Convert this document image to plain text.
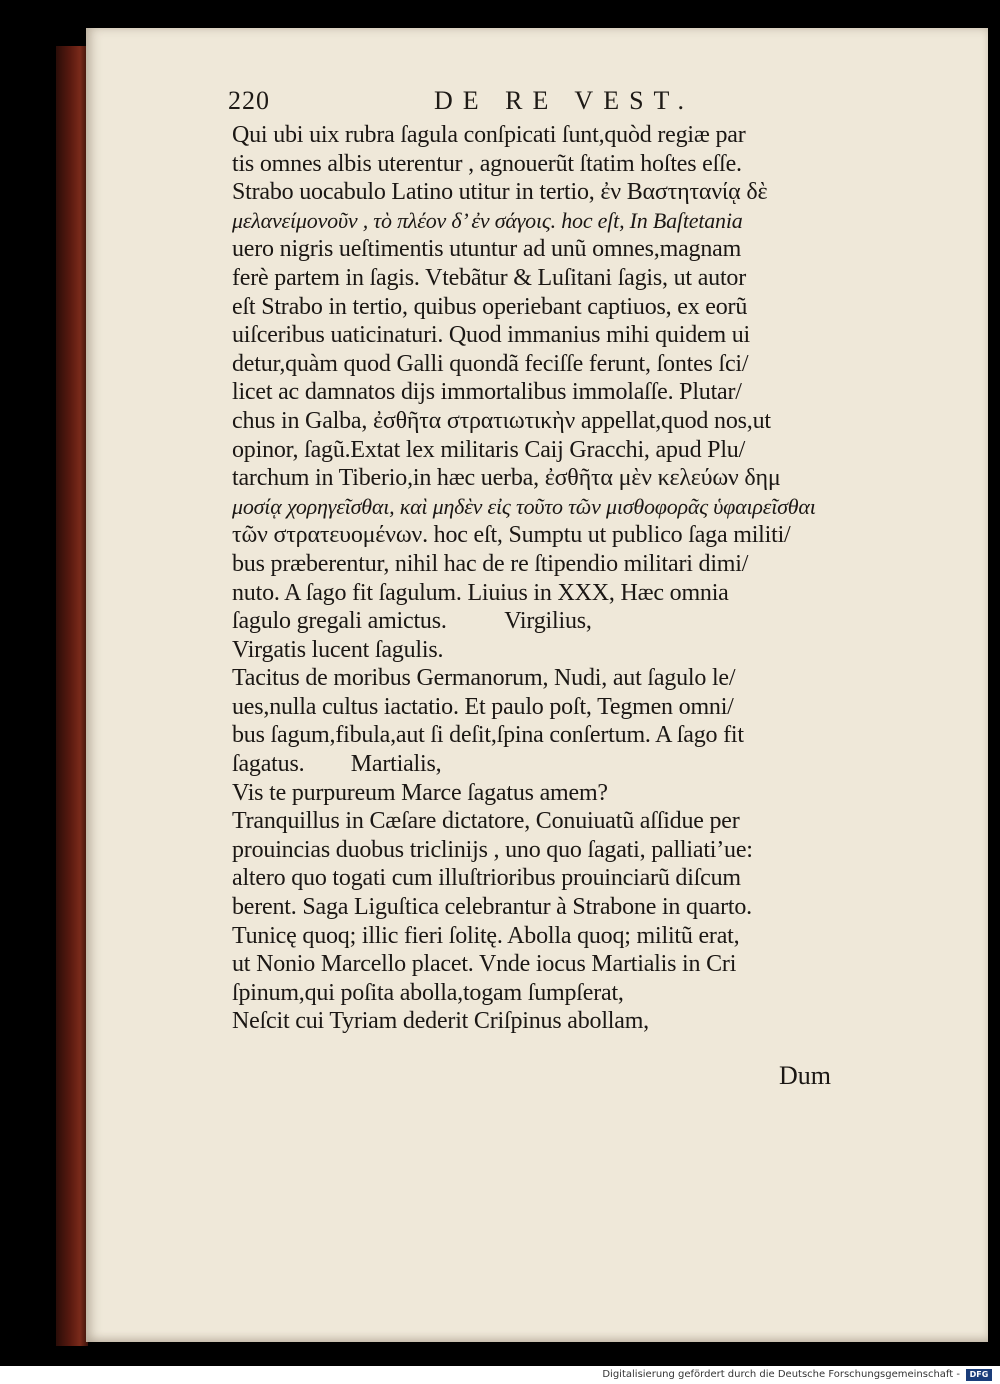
220	DE RE VEST.
Qui ubi uix rubra ſagula conſpicati ſunt,quòd regiæ par
tis omnes albis uterentur , agnouerũt ſtatim hoſtes eſſe.
Strabo uocabulo Latino utitur in tertio, ἐν Βαστητανίᾳ δὲ
μελανείμονοῦν , τὸ πλέον δ’ ἐν σάγοις. hoc eſt, In Baſtetania
uero nigris ueſtimentis utuntur ad unũ omnes,magnam
ferè partem in ſagis. Vtebãtur & Luſitani ſagis, ut autor
eſt Strabo in tertio, quibus operiebant captiuos, ex eorũ
uiſceribus uaticinaturi. Quod immanius mihi quidem ui
detur,quàm quod Galli quondã feciſſe ferunt, ſontes ſci/
licet ac damnatos dijs immortalibus immolaſſe. Plutar/
chus in Galba, ἐσθῆτα στρατιωτικὴν appellat,quod nos,ut
opinor, ſagũ.Extat lex militaris Caij Gracchi, apud Plu/
tarchum in Tiberio,in hæc uerba, ἐσθῆτα μὲν κελεύων δημ
μοσίᾳ χορηγεῖσθαι, καὶ μηδὲν εἰς τοῦτο τῶν μισθοφορᾶς ὑφαιρεῖσθαι
τῶν στρατευομένων. hoc eſt, Sumptu ut publico ſaga militi/
bus præberentur, nihil hac de re ſtipendio militari dimi/
nuto. A ſago fit ſagulum. Liuius in XXX, Hæc omnia
ſagulo gregali amictus.          Virgilius,
Virgatis lucent ſagulis.
Tacitus de moribus Germanorum, Nudi, aut ſagulo le/
ues,nulla cultus iactatio. Et paulo poſt, Tegmen omni/
bus ſagum,fibula,aut ſi deſit,ſpina conſertum. A ſago fit
ſagatus.        Martialis,
Vis te purpureum Marce ſagatus amem?
Tranquillus in Cæſare dictatore, Conuiuatũ aſſidue per
prouincias duobus triclinijs , uno quo ſagati, palliati’ue:
altero quo togati cum illuſtrioribus prouinciarũ diſcum
berent. Saga Liguſtica celebrantur à Strabone in quarto.
Tunicę quoq; illic fieri ſolitę. Abolla quoq; militũ erat,
ut Nonio Marcello placet. Vnde iocus Martialis in Cri
ſpinum,qui poſita abolla,togam ſumpſerat,
Neſcit cui Tyriam dederit Criſpinus abollam,
Dum
Digitalisierung gefördert durch die Deutsche Forschungsgemeinschaft -	DFG
